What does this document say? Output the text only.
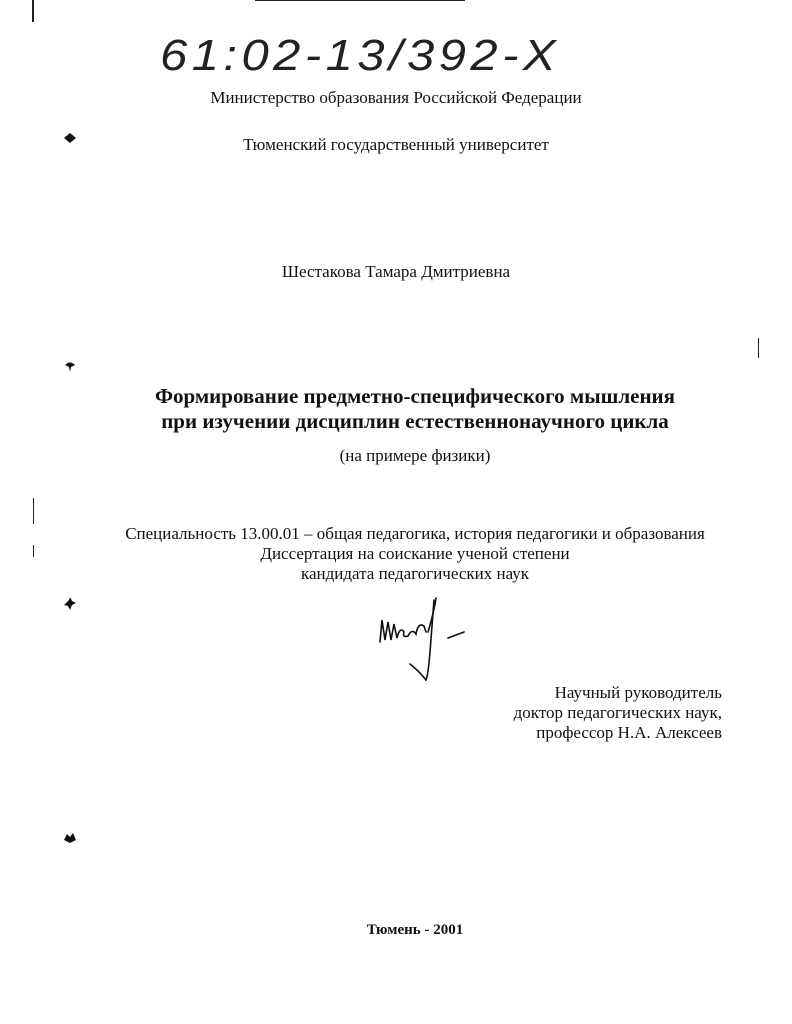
61:02-13/392-Х
Министерство образования Российской Федерации
Тюменский государственный университет
Шестакова Тамара Дмитриевна
Формирование предметно-специфического мышления
при изучении дисциплин естественнонаучного цикла
(на примере физики)
Специальность 13.00.01 – общая педагогика, история педагогики и образования
Диссертация на соискание ученой степени
кандидата педагогических наук
Научный руководитель
доктор педагогических наук,
профессор Н.А. Алексеев
Тюмень - 2001
